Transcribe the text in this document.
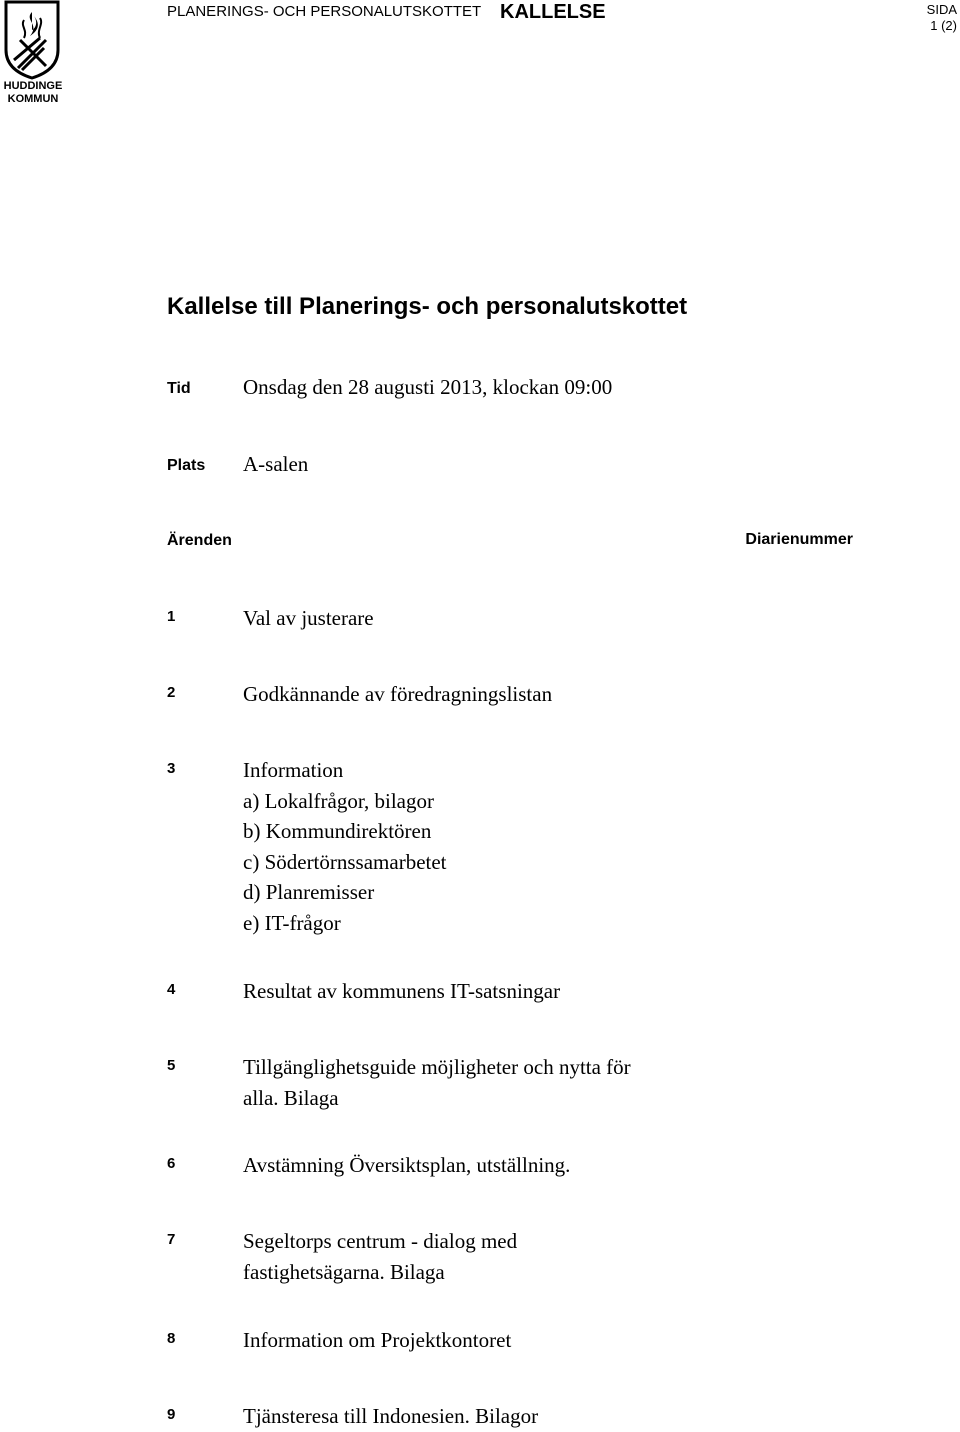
HUDDINGE
KOMMUN
PLANERINGS- OCH PERSONALUTSKOTTET KALLELSE	SIDA
1 (2)
Kallelse till Planerings- och personalutskottet
Tid Onsdag den 28 augusti 2013, klockan 09:00
Plats A-salen
Ärenden	Diarienummer
1	Val av justerare
2	Godkännande av föredragningslistan
3	Information
a) Lokalfrågor, bilagor
b) Kommundirektören
c) Södertörnssamarbetet
d) Planremisser
e) IT-frågor
4	Resultat av kommunens IT-satsningar
5	Tillgänglighetsguide möjligheter och nytta för
alla. Bilaga
6	Avstämning Översiktsplan, utställning.
7	Segeltorps centrum - dialog med
fastighetsägarna. Bilaga
8	Information om Projektkontoret
9	Tjänsteresa till Indonesien. Bilagor
